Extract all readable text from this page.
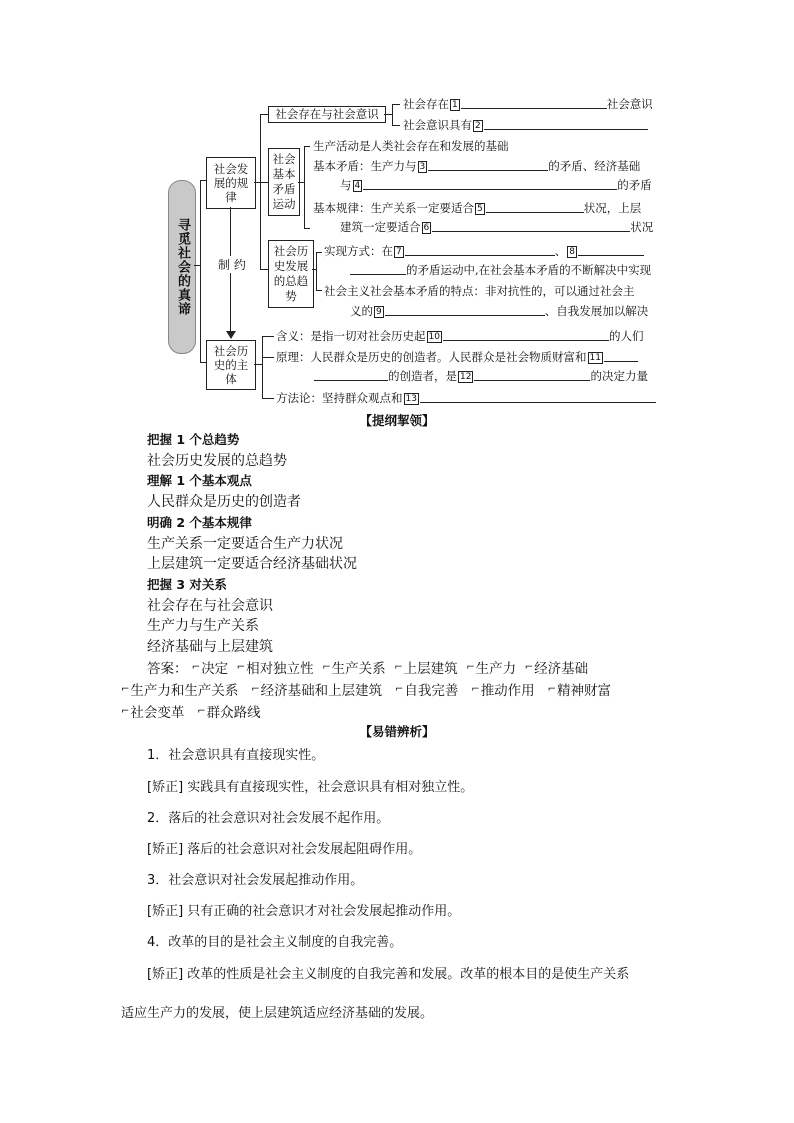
寻觅社会的真谛
社会发展的规律
社会历史的主体
制 约
社会存在与社会意识
社会存在 1	社会意识
社会意识具有 2
社会基本矛盾运动
生产活动是人类社会存在和发展的基础
基本矛盾：生产力与 3	的矛盾、经济基础
与 4	的矛盾
基本规律：生产关系一定要适合 5	状况，上层
建筑一定要适合 6	状况
社会历史发展的总趋势
实现方式：在 7	、 8
的矛盾运动中,在社会基本矛盾的不断解决中实现
社会主义社会基本矛盾的特点：非对抗性的，可以通过社会主
义的 9	、自我发展加以解决
含义：是指一切对社会历史起 10	的人们
原理：人民群众是历史的创造者。人民群众是社会物质财富和 11
的创造者，是 12	的决定力量
方法论：坚持群众观点和 13
【提纲挈领】
把握 1 个总趋势
社会历史发展的总趋势
理解 1 个基本观点
人民群众是历史的创造者
明确 2 个基本规律
生产关系一定要适合生产力状况
上层建筑一定要适合经济基础状况
把握 3 对关系
社会存在与社会意识
生产力与生产关系
经济基础与上层建筑
答案： ⌐决定 ⌐相对独立性 ⌐生产关系 ⌐上层建筑 ⌐生产力 ⌐经济基础
⌐生产力和生产关系 ⌐经济基础和上层建筑 ⌐自我完善 ⌐推动作用 ⌐精神财富
⌐社会变革 ⌐群众路线
【易错辨析】
1．社会意识具有直接现实性。
[矫正] 实践具有直接现实性，社会意识具有相对独立性。
2．落后的社会意识对社会发展不起作用。
[矫正] 落后的社会意识对社会发展起阻碍作用。
3．社会意识对社会发展起推动作用。
[矫正] 只有正确的社会意识才对社会发展起推动作用。
4．改革的目的是社会主义制度的自我完善。
[矫正] 改革的性质是社会主义制度的自我完善和发展。改革的根本目的是使生产关系
适应生产力的发展，使上层建筑适应经济基础的发展。
